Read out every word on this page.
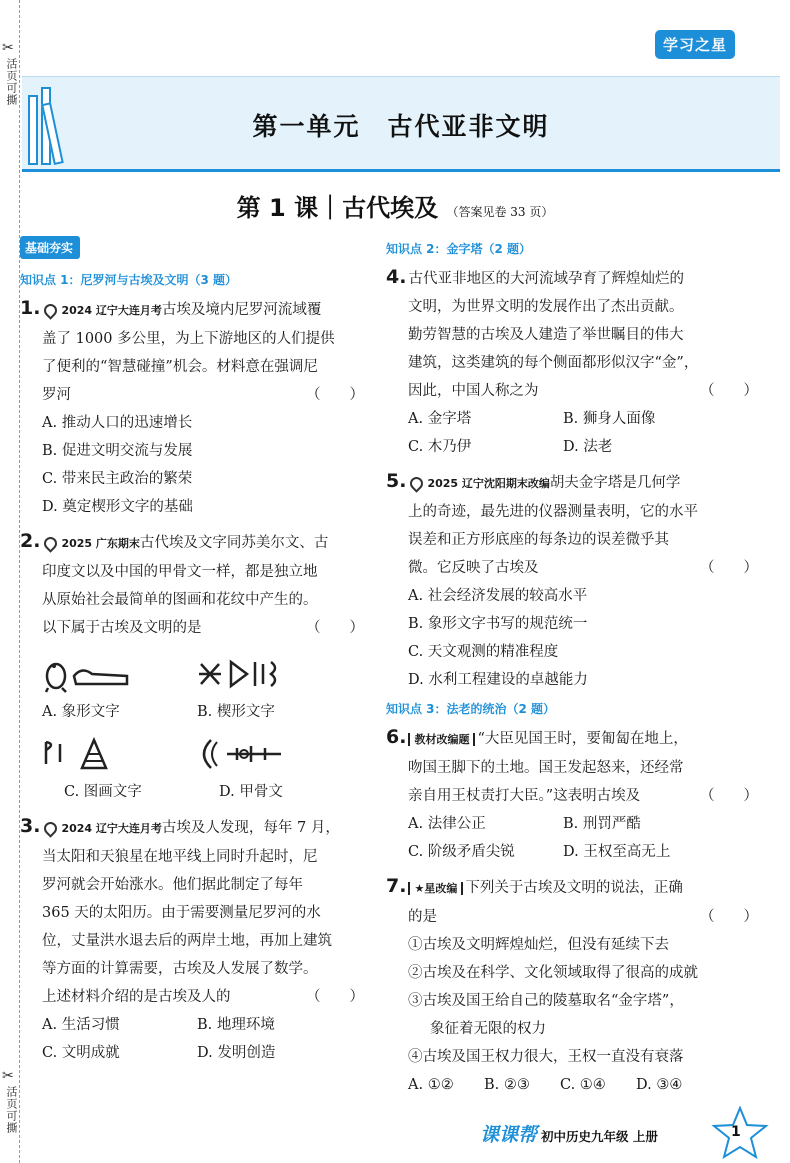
✂
活页可撕
✂
活页可撕
学习之星
第一单元　古代亚非文明
第 1 课｜古代埃及 （答案见卷 33 页）
基础夯实
知识点 1：尼罗河与古埃及文明（3 题）
1. 2024 辽宁大连月考古埃及境内尼罗河流域覆
盖了 1000 多公里，为上下游地区的人们提供
了便利的“智慧碰撞”机会。材料意在强调尼
罗河	（　　）
A. 推动人口的迅速增长
B. 促进文明交流与发展
C. 带来民主政治的繁荣
D. 奠定楔形文字的基础
2. 2025 广东期末古代埃及文字同苏美尔文、古
印度文以及中国的甲骨文一样，都是独立地
从原始社会最简单的图画和花纹中产生的。
以下属于古埃及文明的是	（　　）
A. 象形文字	B. 楔形文字
C. 图画文字	D. 甲骨文
3. 2024 辽宁大连月考古埃及人发现，每年 7 月，
当太阳和天狼星在地平线上同时升起时，尼
罗河就会开始涨水。他们据此制定了每年
365 天的太阳历。由于需要测量尼罗河的水
位，丈量洪水退去后的两岸土地，再加上建筑
等方面的计算需要，古埃及人发展了数学。
上述材料介绍的是古埃及人的	（　　）
A. 生活习惯	B. 地理环境
C. 文明成就	D. 发明创造
知识点 2：金字塔（2 题）
4. 古代亚非地区的大河流域孕育了辉煌灿烂的
文明，为世界文明的发展作出了杰出贡献。
勤劳智慧的古埃及人建造了举世瞩目的伟大
建筑，这类建筑的每个侧面都形似汉字“金”，
因此，中国人称之为	（　　）
A. 金字塔	B. 狮身人面像
C. 木乃伊	D. 法老
5. 2025 辽宁沈阳期末改编胡夫金字塔是几何学
上的奇迹，最先进的仪器测量表明，它的水平
误差和正方形底座的每条边的误差微乎其
微。它反映了古埃及	（　　）
A. 社会经济发展的较高水平
B. 象形文字书写的规范统一
C. 天文观测的精准程度
D. 水利工程建设的卓越能力
知识点 3：法老的统治（2 题）
6. 教材改编题 “大臣见国王时，要匍匐在地上，
吻国王脚下的土地。国王发起怒来，还经常
亲自用王杖责打大臣。”这表明古埃及	（　　）
A. 法律公正	B. 刑罚严酷
C. 阶级矛盾尖锐	D. 王权至高无上
7. ★星改编 下列关于古埃及文明的说法，正确
的是	（　　）
①古埃及文明辉煌灿烂，但没有延续下去
②古埃及在科学、文化领域取得了很高的成就
③古埃及国王给自己的陵墓取名“金字塔”，
象征着无限的权力
④古埃及国王权力很大，王权一直没有衰落
A. ①②	B. ②③	C. ①④	D. ③④
课课帮 初中历史九年级 上册	1
